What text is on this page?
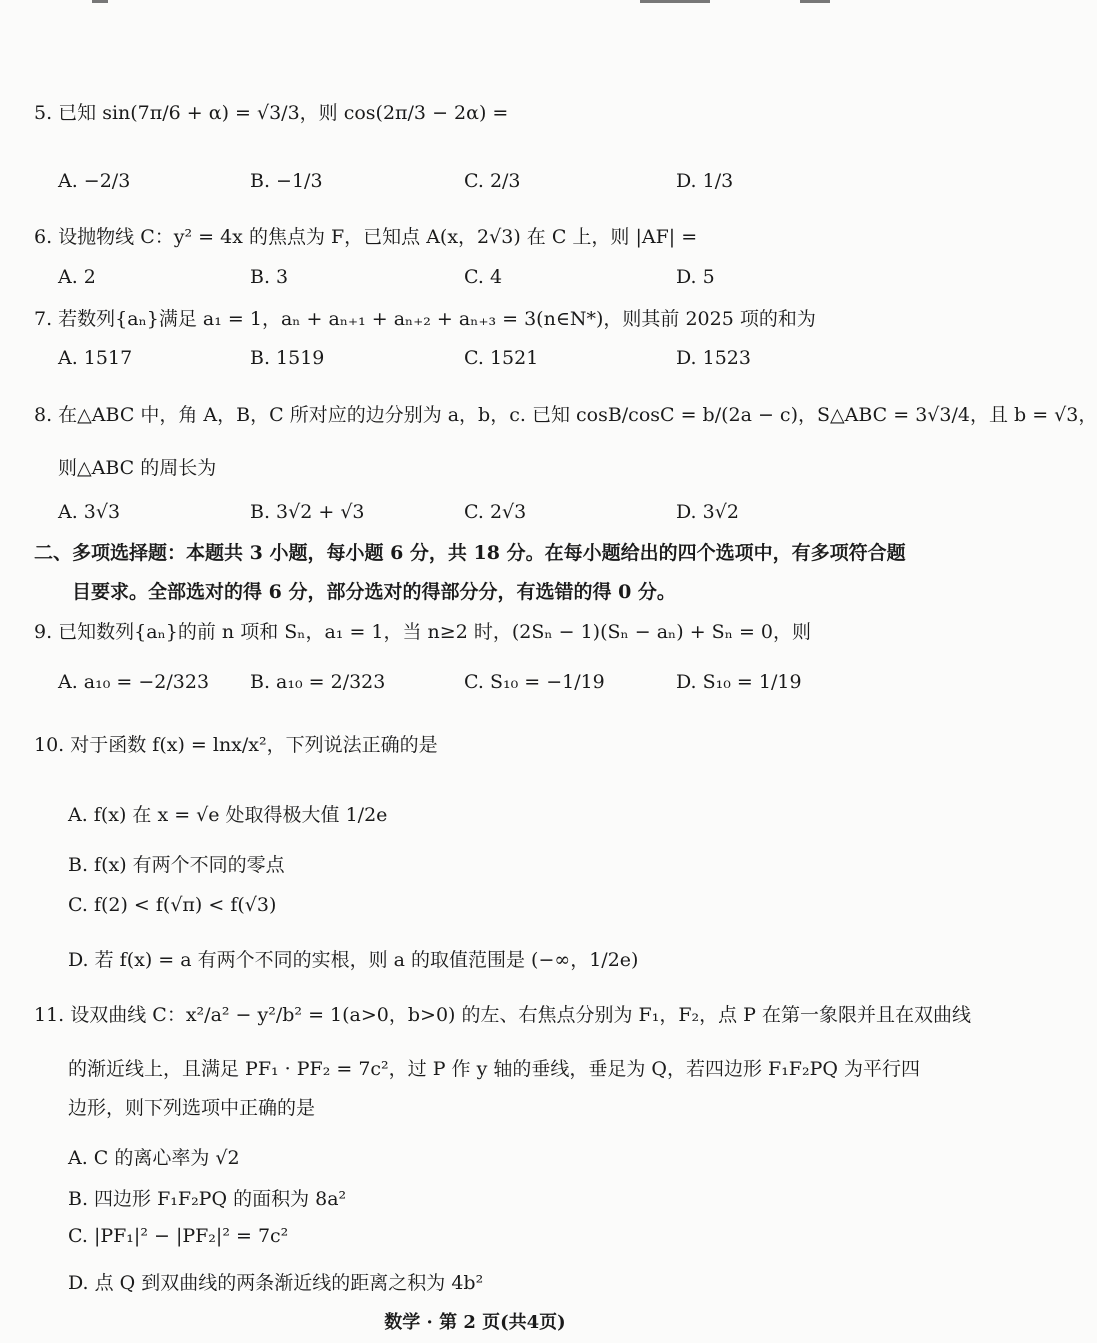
5. 已知 sin(7π/6 + α) = √3/3，则 cos(2π/3 − 2α) =
A. −2/3	B. −1/3	C. 2/3	D. 1/3
6. 设抛物线 C：y² = 4x 的焦点为 F，已知点 A(x，2√3) 在 C 上，则 |AF| =
A. 2	B. 3	C. 4	D. 5
7. 若数列{aₙ}满足 a₁ = 1，aₙ + aₙ₊₁ + aₙ₊₂ + aₙ₊₃ = 3(n∈N*)，则其前 2025 项的和为
A. 1517	B. 1519	C. 1521	D. 1523
8. 在△ABC 中，角 A，B，C 所对应的边分别为 a，b，c. 已知 cosB/cosC = b/(2a − c)，S△ABC = 3√3/4，且 b = √3，
则△ABC 的周长为
A. 3√3	B. 3√2 + √3	C. 2√3	D. 3√2
二、多项选择题：本题共 3 小题，每小题 6 分，共 18 分。在每小题给出的四个选项中，有多项符合题
目要求。全部选对的得 6 分，部分选对的得部分分，有选错的得 0 分。
9. 已知数列{aₙ}的前 n 项和 Sₙ，a₁ = 1，当 n≥2 时，(2Sₙ − 1)(Sₙ − aₙ) + Sₙ = 0，则
A. a₁₀ = −2/323 B. a₁₀ = 2/323	C. S₁₀ = −1/19	D. S₁₀ = 1/19
10. 对于函数 f(x) = lnx/x²，下列说法正确的是
A. f(x) 在 x = √e 处取得极大值 1/2e
B. f(x) 有两个不同的零点
C. f(2) < f(√π) < f(√3)
D. 若 f(x) = a 有两个不同的实根，则 a 的取值范围是 (−∞，1/2e)
11. 设双曲线 C：x²/a² − y²/b² = 1(a>0，b>0) 的左、右焦点分别为 F₁，F₂，点 P 在第一象限并且在双曲线
的渐近线上，且满足 PF₁ · PF₂ = 7c²，过 P 作 y 轴的垂线，垂足为 Q，若四边形 F₁F₂PQ 为平行四
边形，则下列选项中正确的是
A. C 的离心率为 √2
B. 四边形 F₁F₂PQ 的面积为 8a²
C. |PF₁|² − |PF₂|² = 7c²
D. 点 Q 到双曲线的两条渐近线的距离之积为 4b²
数学 · 第 2 页(共4页)
